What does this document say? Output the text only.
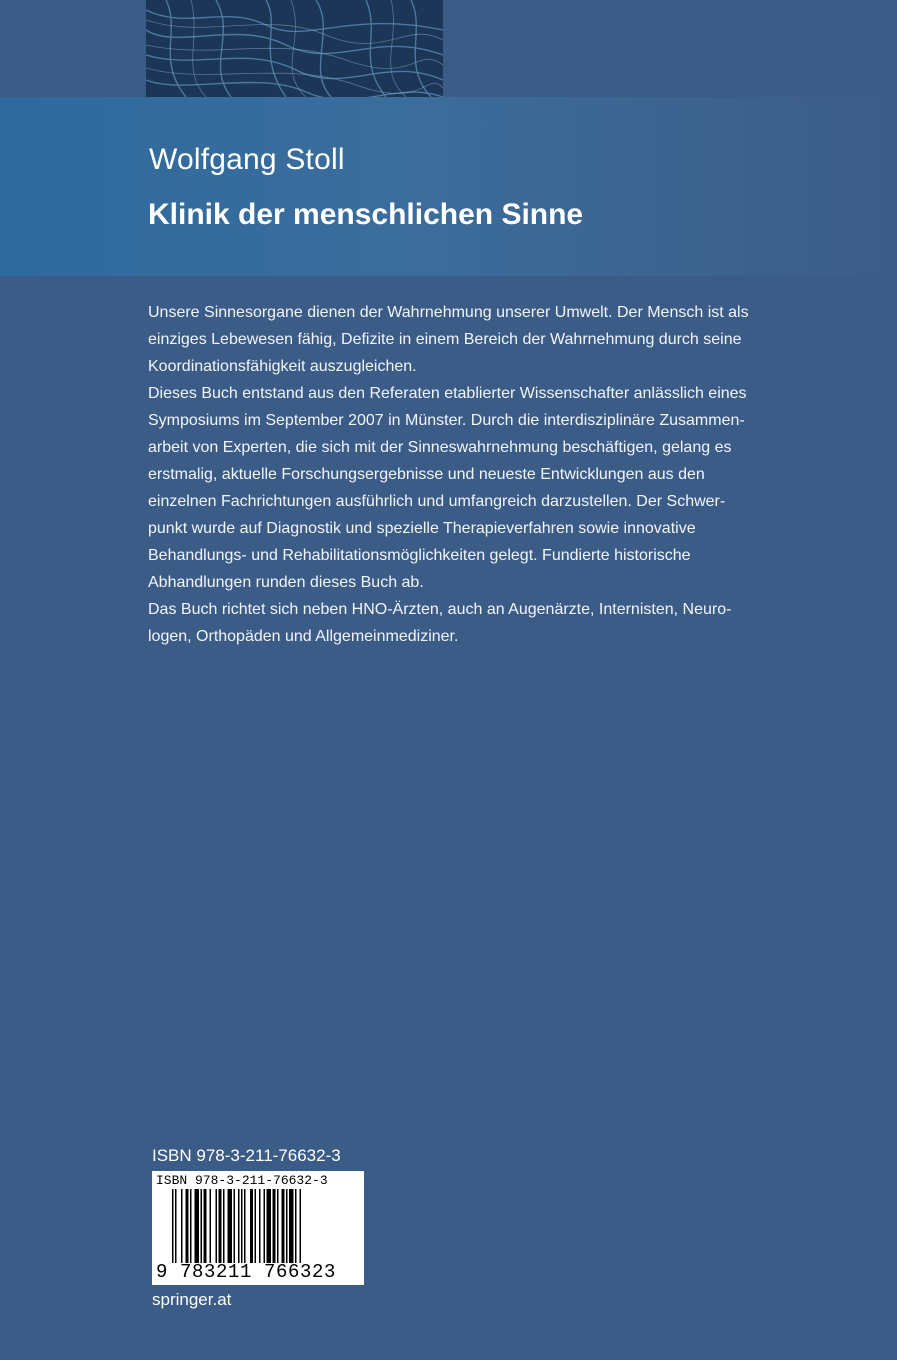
Wolfgang Stoll
Klinik der menschlichen Sinne
Unsere Sinnesorgane dienen der Wahrnehmung unserer Umwelt. Der Mensch ist als
einziges Lebewesen fähig, Defizite in einem Bereich der Wahrnehmung durch seine
Koordinationsfähigkeit auszugleichen.
Dieses Buch entstand aus den Referaten etablierter Wissenschafter anlässlich eines
Symposiums im September 2007 in Münster. Durch die interdisziplinäre Zusammen-
arbeit von Experten, die sich mit der Sinneswahrnehmung beschäftigen, gelang es
erstmalig, aktuelle Forschungsergebnisse und neueste Entwicklungen aus den
einzelnen Fachrichtungen ausführlich und umfangreich darzustellen. Der Schwer-
punkt wurde auf Diagnostik und spezielle Therapieverfahren sowie innovative
Behandlungs- und Rehabilitationsmöglichkeiten gelegt. Fundierte historische
Abhandlungen runden dieses Buch ab.
Das Buch richtet sich neben HNO-Ärzten, auch an Augenärzte, Internisten, Neuro-
logen, Orthopäden und Allgemeinmediziner.
ISBN 978-3-211-76632-3
ISBN 978-3-211-76632-3
9 783211 766323
springer.at
